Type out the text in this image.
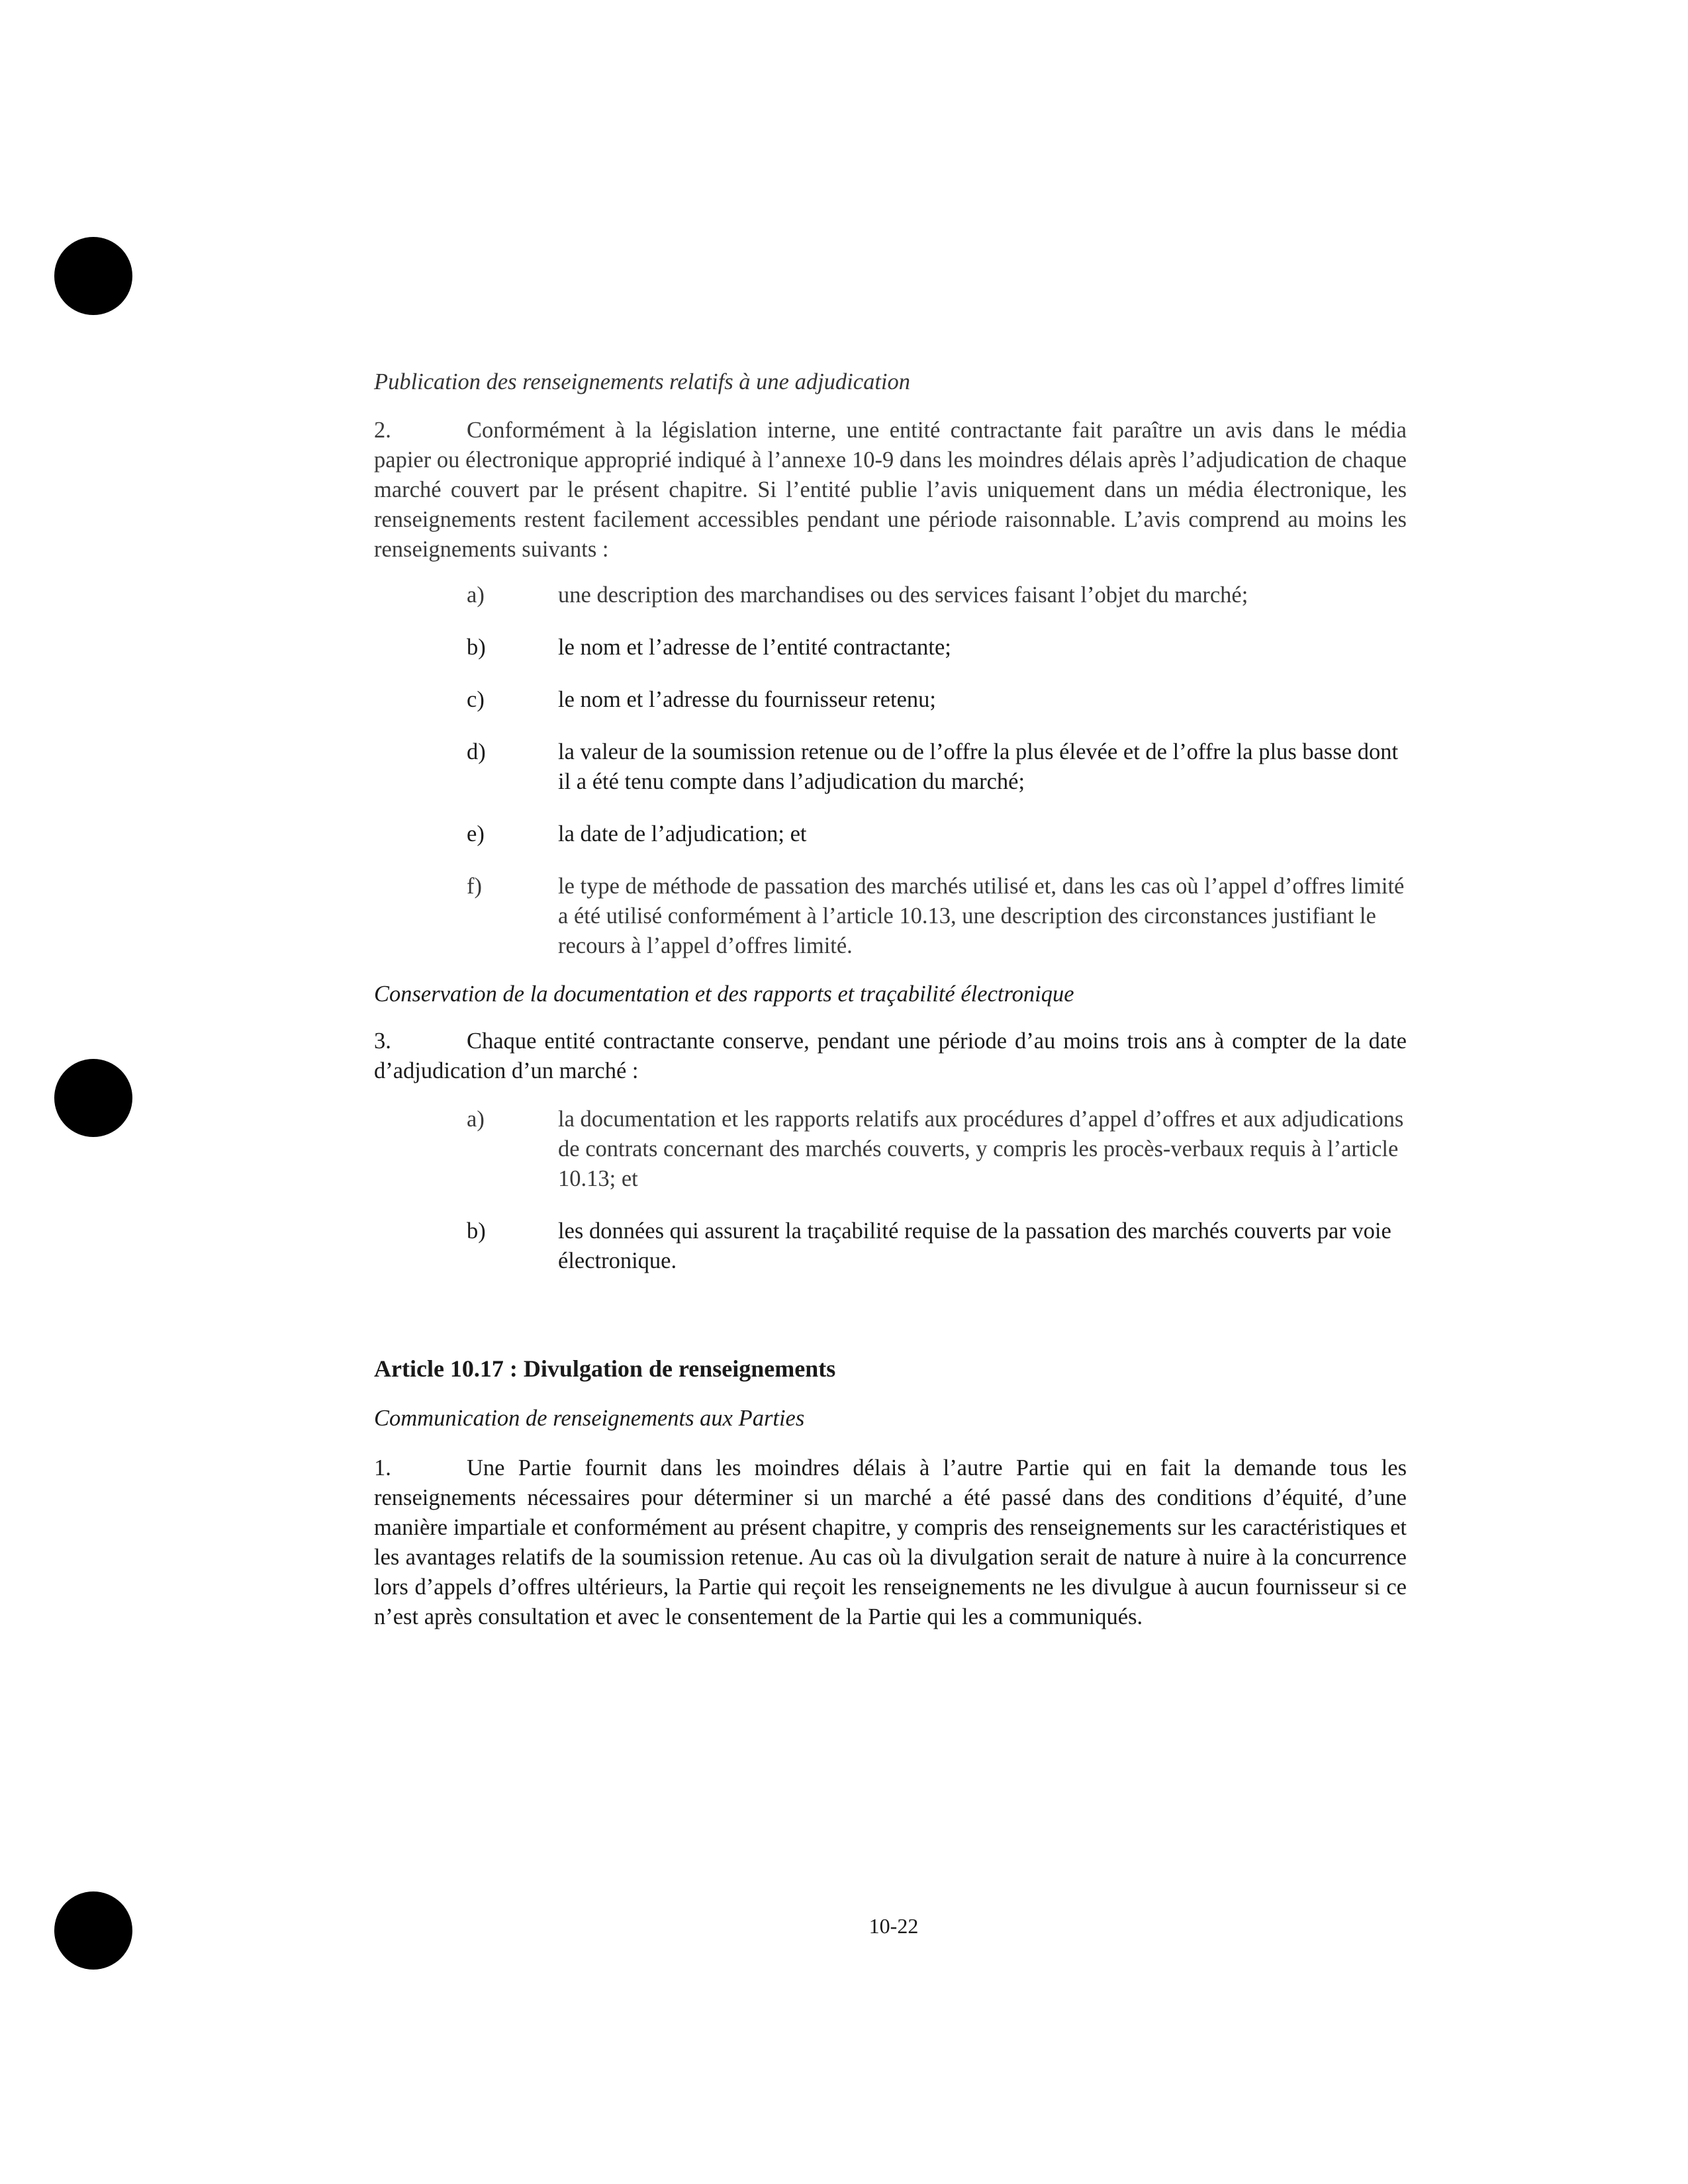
Publication des renseignements relatifs à une adjudication

2.	Conformément à la législation interne, une entité contractante fait paraître un avis dans le média papier ou électronique approprié indiqué à l’annexe 10-9 dans les moindres délais après l’adjudication de chaque marché couvert par le présent chapitre. Si l’entité publie l’avis uniquement dans un média électronique, les renseignements restent facilement accessibles pendant une période raisonnable. L’avis comprend au moins les renseignements suivants :

a)	une description des marchandises ou des services faisant l’objet du marché;
b)	le nom et l’adresse de l’entité contractante;
c)	le nom et l’adresse du fournisseur retenu;
d)	la valeur de la soumission retenue ou de l’offre la plus élevée et de l’offre la plus basse dont il a été tenu compte dans l’adjudication du marché;
e)	la date de l’adjudication; et
f)	le type de méthode de passation des marchés utilisé et, dans les cas où l’appel d’offres limité a été utilisé conformément à l’article 10.13, une description des circonstances justifiant le recours à l’appel d’offres limité.

Conservation de la documentation et des rapports et traçabilité électronique

3.	Chaque entité contractante conserve, pendant une période d’au moins trois ans à compter de la date d’adjudication d’un marché :

a)	la documentation et les rapports relatifs aux procédures d’appel d’offres et aux adjudications de contrats concernant des marchés couverts, y compris les procès-verbaux requis à l’article 10.13; et
b)	les données qui assurent la traçabilité requise de la passation des marchés couverts par voie électronique.

Article 10.17 : Divulgation de renseignements

Communication de renseignements aux Parties

1.	Une Partie fournit dans les moindres délais à l’autre Partie qui en fait la demande tous les renseignements nécessaires pour déterminer si un marché a été passé dans des conditions d’équité, d’une manière impartiale et conformément au présent chapitre, y compris des renseignements sur les caractéristiques et les avantages relatifs de la soumission retenue. Au cas où la divulgation serait de nature à nuire à la concurrence lors d’appels d’offres ultérieurs, la Partie qui reçoit les renseignements ne les divulgue à aucun fournisseur si ce n’est après consultation et avec le consentement de la Partie qui les a communiqués.

10-22
